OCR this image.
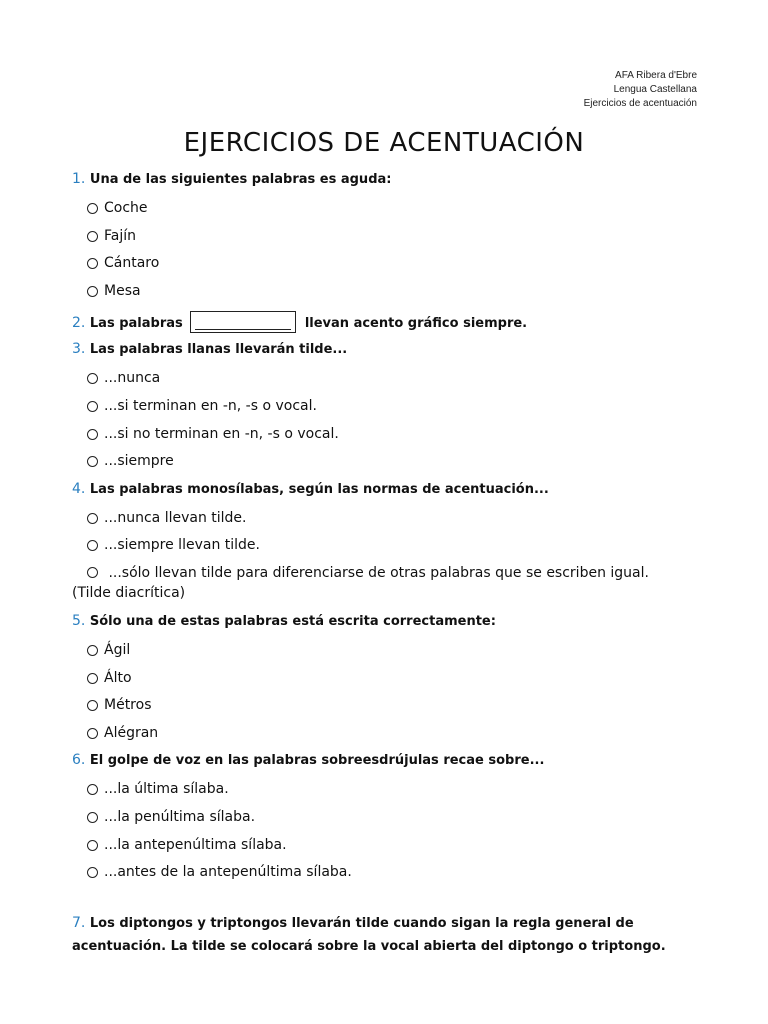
AFA Ribera d'Ebre
Lengua Castellana
Ejercicios de acentuación
EJERCICIOS DE ACENTUACIÓN
1. Una de las siguientes palabras es aguda:
Coche
Fajín
Cántaro
Mesa
2. Las palabras	llevan acento gráfico siempre.
3. Las palabras llanas llevarán tilde...
...nunca
...si terminan en -n, -s o vocal.
...si no terminan en -n, -s o vocal.
...siempre
4. Las palabras monosílabas, según las normas de acentuación...
...nunca llevan tilde.
...siempre llevan tilde.
...sólo llevan tilde para diferenciarse de otras palabras que se escriben igual.
(Tilde diacrítica)
5. Sólo una de estas palabras está escrita correctamente:
Ágil
Álto
Métros
Alégran
6. El golpe de voz en las palabras sobreesdrújulas recae sobre...
...la última sílaba.
...la penúltima sílaba.
...la antepenúltima sílaba.
...antes de la antepenúltima sílaba.
7. Los diptongos y triptongos llevarán tilde cuando sigan la regla general de acentuación. La tilde se colocará sobre la vocal abierta del diptongo o triptongo.
